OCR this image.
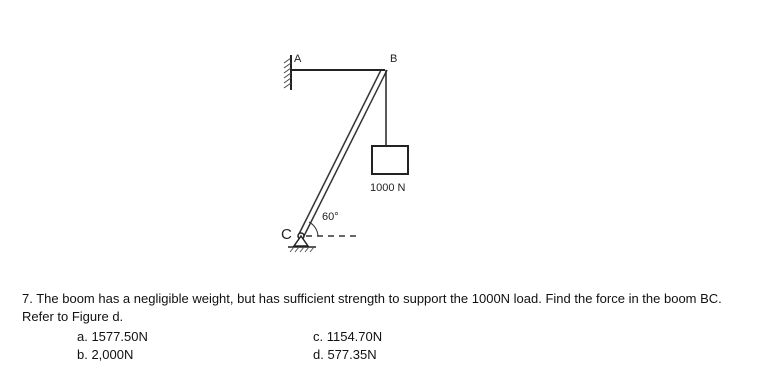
A	B
1000 N
C
60°

7. The boom has a negligible weight, but has sufficient strength to support the 1000N load. Find the force in the boom BC. Refer to Figure d.

a. 1577.50N
b. 2,000N
c. 1154.70N
d. 577.35N
